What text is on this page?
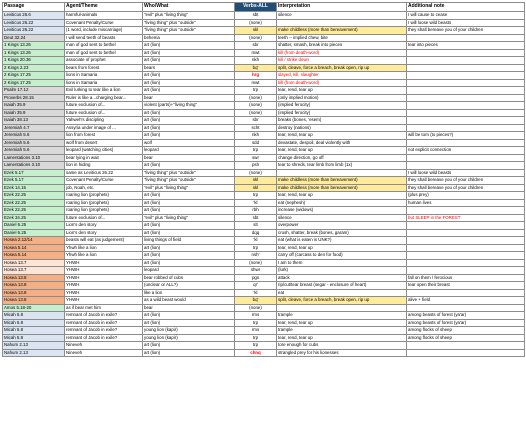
Passage	Agent/Theme	Who/What	Verbs-ALL	Interpretation	Additional note
Leviticus 26.6	harmful-animals	"evil" plus "living thing"	sbt	silence	I will cause to cease
Leviticus 26.22	Covenant Penalty/Curse	"living thing" plus "outside"	(none)		I will loose wild beasts
Leviticus 26.22	(1 word, include miscarriage)	"living thing" plus "outside"	skl	make childless (more than bereavement)	they shall bereave you of your children
Deut 32.24	I will send teeth of beasts	behema	(none)	teeth -- implied chew, bite	
1 Kings 13.26	man of god sent to bethel	art (lion)	sbr	shatter, smash, break into pieces	tear into pieces
1 Kings 13.26	man of god sent to bethel	art (lion)	mwt	kill (from death-word)	
1 Kings 20.36	associate of prophet	art (lion)	nkh	kill / strike down	
2 Kings 2.23	bears from forest	bears	bq'	split, cleave, force a breach, break open, rip up	
2 Kings 17.25	lions in Samaria	art (lion)	hrg	slayed, kill, slaughter	
2 Kings 17.25	lions in Samaria	art (lion)	mwt	kill (from death-word)	
Psalm 17.12	Evil lurking to tear like a lion	art (lion)	trp	tear, rend, tear up	
Proverbs 28.15	Ruler is like a...charging bear...	bear	(none)	(only implied motion)	
Isaiah 35.9	future exclusion of...	violent (parts)+"living thing"	(none)	(implied ferocity)	
Isaiah 35.9	future exclusion of...	art (lion)	(none)	(implied ferocity)	
Isaiah 38.13	Yahweh's discipling	art (lion)	sbr	breaks (bones, 'esem)	
Jeremiah 4.7	Assyria under image of ...	art (lion)	scht	destroy (nations)	
Jeremiah 5.6	lion from forest	art (lion)	nkh	tear, rend, tear up	will be torn (to pieces?)
Jeremiah 5.6	wolf from desert	wolf	sdd	devastate, despoil, deal violently with	
Jeremiah 5.6	leopard (watching cities)	leopard	trp	tear, rend, tear up	not explicit connection
Lamentations 3.10	bear lying in wait	bear	swr	change direction, go off	
Lamentations 3.10	lion in hiding	art (lion)	psh	tear to shreds, tear limb from limb (1x)	
Ezek 5.17	same as Leviticus 26.22	"living thing" plus "outside"	(none)		I will loose wild beasts
Ezek 5.17	Covenant Penalty/Curse	"living thing" plus "outside"	skl	make childless (more than bereavement)	they shall bereave you of your children
Ezek 14.15	job, Noah, etc.	"evil" plus "living thing"	skl	make childless (more than bereavement)	they shall bereave you of your children
Ezek 22.25	roaring lion (prophets)	art (lion)	trp	tear, rend, tear up	(plus prey)
Ezek 22.25	roaring lion (prophets)	art (lion)	'kl	eat (nephesh)	human lives
Ezek 22.25	roaring lion (prophets)	art (lion)	rbh	increase (widows)	
Ezek 34.25	future exclusion of...	"evil" plus "living thing"	sbt	silence	but SLEEP in the FOREST
Daniel 6.25	Lion's den story	art (lion)	slt	overpower	
Daniel 6.25	Lion's den story	art (lion)	dqq	crush, shatter, break (bones, garam)	
Hosea 2.12/14	beasts will eat (as judgement)	living things of field	'kl	eat (what is eaten is UNK?)	
Hosea 5.14	Yhwh like a lion	art (lion)	trp	tear, rend, tear up	
Hosea 5.14	Yhwh like a lion	art (lion)	nsh'	carry off (carcass to den for food)	
Hosea 13.7	YHWH	art (lion)	(none)	I am to them	
Hosea 13.7	YHWH	leopard	shwr	(lurk)	
Hosea 13.8	YHWH	bear robbed of cubs	pgs	attack	fall on them / ferocious
Hosea 13.8	YHWH	(unclear or ALL?)	qr'	rip/cut/tear breast (segar - enclosure of heart)	tear open their breast
Hosea 13.8	YHWH	like a lion	'kl	eat	
Hosea 13.8	YHWH	as a wild beast would	bq'	split, cleave, force a breach, break open, rip up	alive + field
Amos 5.18-20	as if bear met him	bear	(none)		
Micah 5.8	remnant of Jacob in exile?	art (lion)	rms	trample	among beasts of forest (ya'ar)
Micah 5.8	remnant of Jacob in exile?	art (lion)	trp	tear, rend, tear up	among beasts of forest (ya'ar)
Micah 5.8	remnant of Jacob in exile?	young lion (kapir)	rms	trample	among flocks of sheep
Micah 5.8	remnant of Jacob in exile?	young lion (kapir)	trp	tear, rend, tear up	among flocks of sheep
Nahum 2.13	Nineveh	art (lion)	trp	tore enough for cubs	
Nahum 2.13	Nineveh	art (lion)	chnq	strangled prey for his lionesses	
